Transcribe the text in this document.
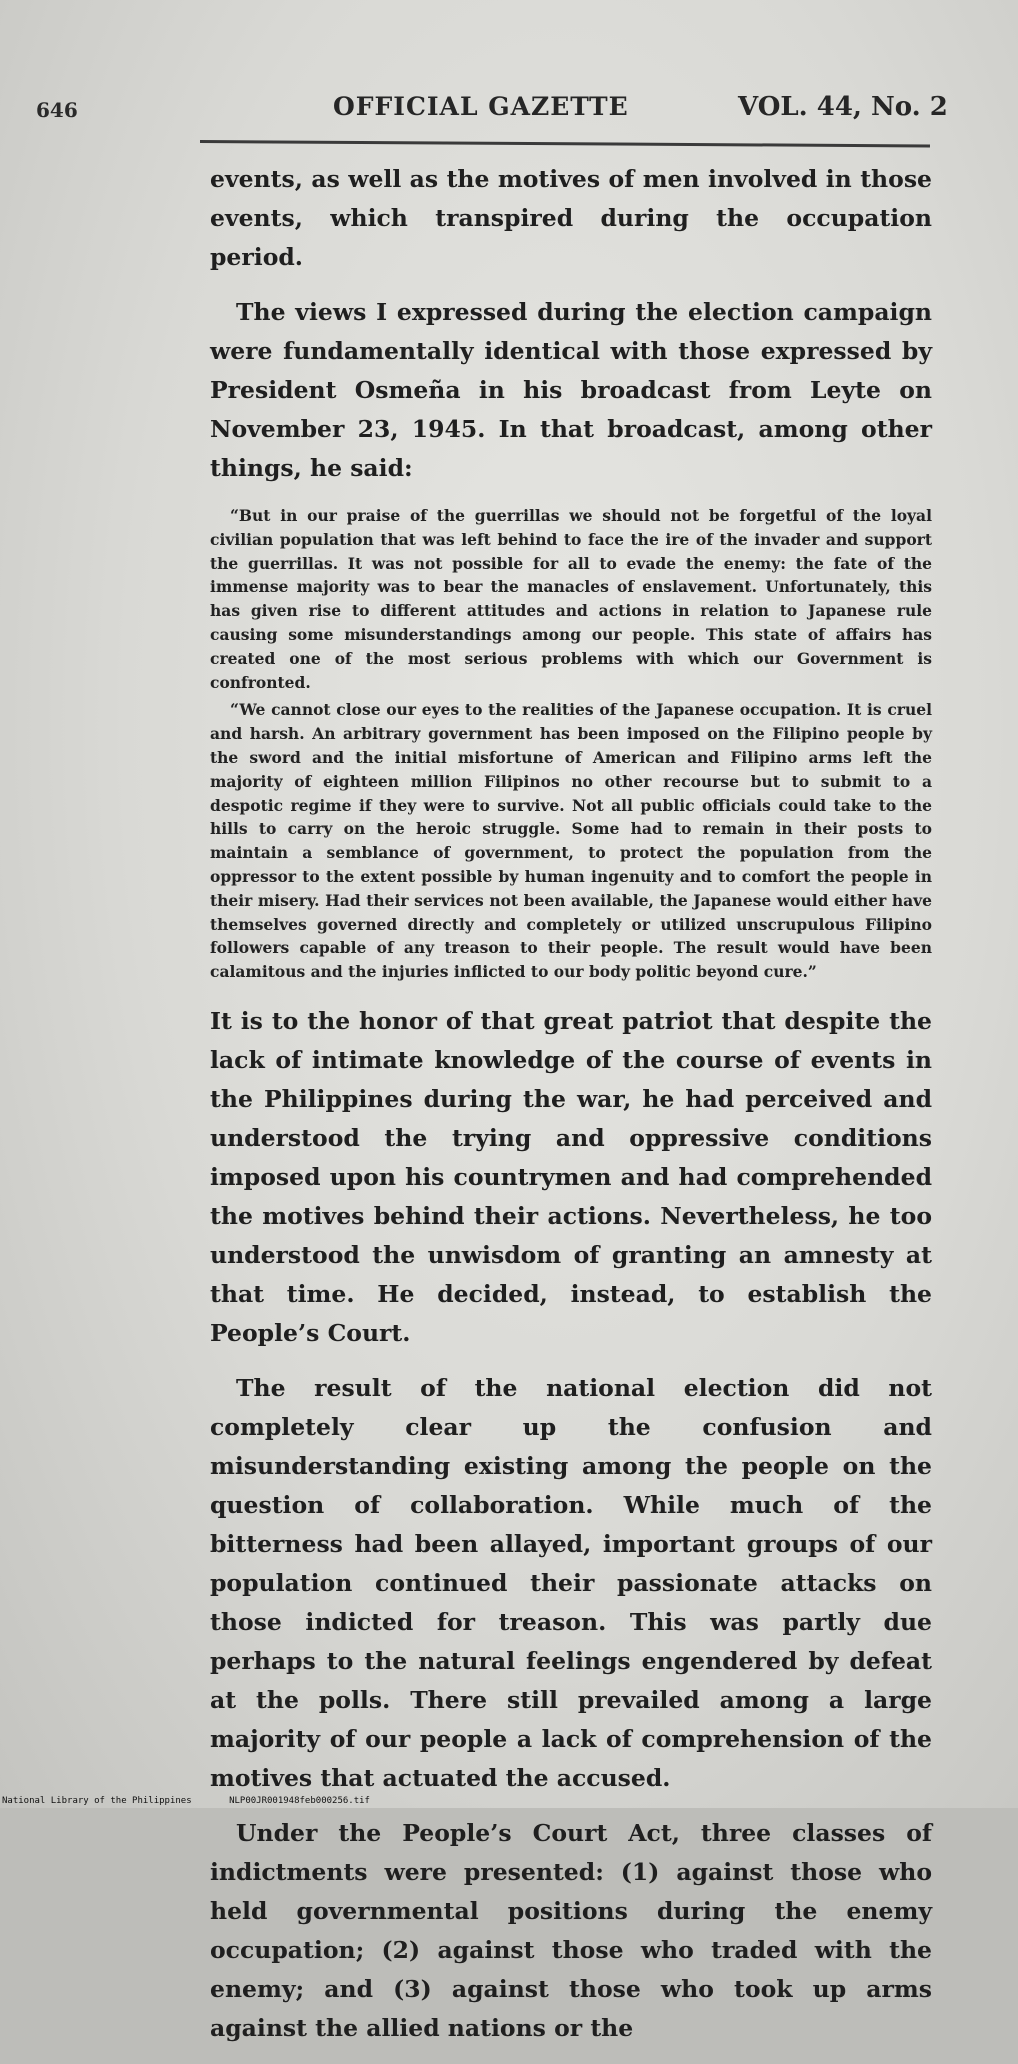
646	OFFICIAL GAZETTE	VOL. 44, No. 2

events, as well as the motives of men involved in those events, which transpired during the occupation period.

The views I expressed during the election campaign were fundamentally identical with those expressed by President Osmeña in his broadcast from Leyte on November 23, 1945. In that broadcast, among other things, he said:

“But in our praise of the guerrillas we should not be forgetful of the loyal civilian population that was left behind to face the ire of the invader and support the guerrillas. It was not possible for all to evade the enemy: the fate of the immense majority was to bear the manacles of enslavement. Unfortunately, this has given rise to different attitudes and actions in relation to Japanese rule causing some misunderstandings among our people. This state of affairs has created one of the most serious problems with which our Government is confronted.

“We cannot close our eyes to the realities of the Japanese occupation. It is cruel and harsh. An arbitrary government has been imposed on the Filipino people by the sword and the initial misfortune of American and Filipino arms left the majority of eighteen million Filipinos no other recourse but to submit to a despotic regime if they were to survive. Not all public officials could take to the hills to carry on the heroic struggle. Some had to remain in their posts to maintain a semblance of government, to protect the population from the oppressor to the extent possible by human ingenuity and to comfort the people in their misery. Had their services not been available, the Japanese would either have themselves governed directly and completely or utilized unscrupulous Filipino followers capable of any treason to their people. The result would have been calamitous and the injuries inflicted to our body politic beyond cure.”

It is to the honor of that great patriot that despite the lack of intimate knowledge of the course of events in the Philippines during the war, he had perceived and understood the trying and oppressive conditions imposed upon his countrymen and had comprehended the motives behind their actions. Nevertheless, he too understood the unwisdom of granting an amnesty at that time. He decided, instead, to establish the People’s Court.

The result of the national election did not completely clear up the confusion and misunderstanding existing among the people on the question of collaboration. While much of the bitterness had been allayed, important groups of our population continued their passionate attacks on those indicted for treason. This was partly due perhaps to the natural feelings engendered by defeat at the polls. There still prevailed among a large majority of our people a lack of comprehension of the motives that actuated the accused.

Under the People’s Court Act, three classes of indictments were presented: (1) against those who held governmental positions during the enemy occupation; (2) against those who traded with the enemy; and (3) against those who took up arms against the allied nations or the

National Library of the Philippines	NLP00JR001948feb000256.tif
